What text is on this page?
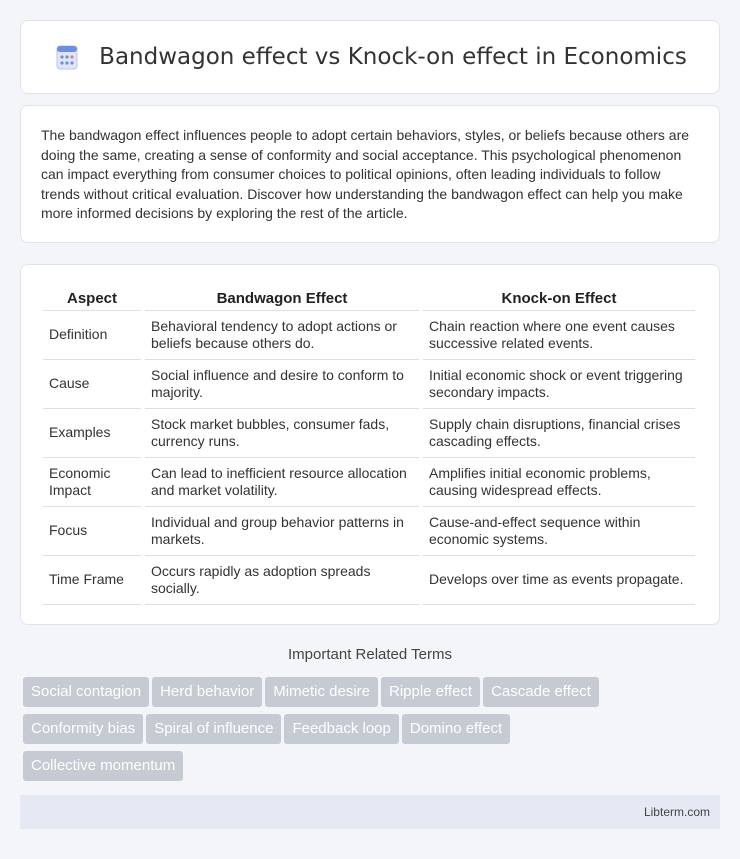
Bandwagon effect vs Knock-on effect in Economics

The bandwagon effect influences people to adopt certain behaviors, styles, or beliefs because others are doing the same, creating a sense of conformity and social acceptance. This psychological phenomenon can impact everything from consumer choices to political opinions, often leading individuals to follow trends without critical evaluation. Discover how understanding the bandwagon effect can help you make more informed decisions by exploring the rest of the article.

Aspect	Bandwagon Effect	Knock-on Effect
Definition	Behavioral tendency to adopt actions or beliefs because others do.	Chain reaction where one event causes successive related events.
Cause	Social influence and desire to conform to majority.	Initial economic shock or event triggering secondary impacts.
Examples	Stock market bubbles, consumer fads, currency runs.	Supply chain disruptions, financial crises cascading effects.
Economic Impact	Can lead to inefficient resource allocation and market volatility.	Amplifies initial economic problems, causing widespread effects.
Focus	Individual and group behavior patterns in markets.	Cause-and-effect sequence within economic systems.
Time Frame	Occurs rapidly as adoption spreads socially.	Develops over time as events propagate.
Important Related Terms
Social contagion Herd behavior Mimetic desire Ripple effect Cascade effect
Conformity bias Spiral of influence Feedback loop Domino effect
Collective momentum
Libterm.com
